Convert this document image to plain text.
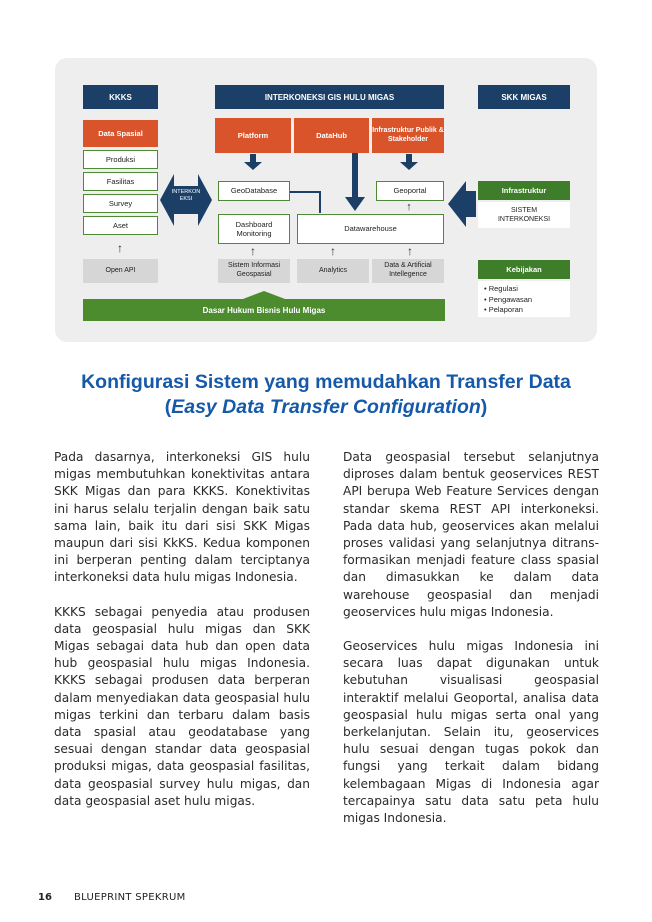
KKKS	INTERKONEKSI GIS HULU MIGAS	SKK MIGAS
Data Spasial
Produksi
Fasilitas
Survey
Aset
↑
Open API
INTERKON EKSI
Platform	DataHub
Infrastruktur Publik & Stakeholder
GeoDatabase	Geoportal
↑
Dashboard Monitoring
Datawarehouse
↑	↑	↑
Sistem Informasi Geospasial
Analytics
Data & Artificial Intellegence
Infrastruktur
SISTEM INTERKONEKSI
Kebijakan
• Regulasi
• Pengawasan
• Pelaporan
Dasar Hukum Bisnis Hulu Migas
Konfigurasi Sistem yang memudahkan Transfer Data
(Easy Data Transfer Configuration)

Pada dasarnya, interkoneksi GIS hulu migas membutuhkan konektivitas antara SKK Migas dan para KKKS. Konektivitas ini harus selalu terjalin dengan baik satu sama lain, baik itu dari sisi SKK Migas maupun dari sisi KkKS. Kedua komponen ini berperan penting dalam terciptanya interkoneksi data hulu migas Indonesia.

KKKS sebagai penyedia atau produsen data geospasial hulu migas dan SKK Migas sebagai data hub dan open data hub geospasial hulu migas Indonesia. KKKS sebagai produsen data berperan dalam menyediakan data geospasial hulu migas terkini dan terbaru dalam basis data spasial atau geodatabase yang sesuai dengan standar data geospasial produksi migas, data geospasial fasilitas, data geospasial survey hulu migas, dan data geospasial aset hulu migas.

Data geospasial tersebut selanjutnya diproses dalam bentuk geoservices REST API berupa Web Feature Services dengan standar skema REST API interkoneksi. Pada data hub, geoservices akan melalui proses validasi yang selanjutnya ditrans-formasikan menjadi feature class spasial dan dimasukkan ke dalam data warehouse geospasial dan menjadi geoservices hulu migas Indonesia.

Geoservices hulu migas Indonesia ini secara luas dapat digunakan untuk kebutuhan visualisasi geospasial interaktif melalui Geoportal, analisa data geospasial hulu migas serta onal yang berkelanjutan. Selain itu, geoservices hulu sesuai dengan tugas pokok dan fungsi yang terkait dalam bidang kelembagaan Migas di Indonesia agar tercapainya satu data satu peta hulu migas Indonesia.

16 BLUEPRINT SPEKRUM
